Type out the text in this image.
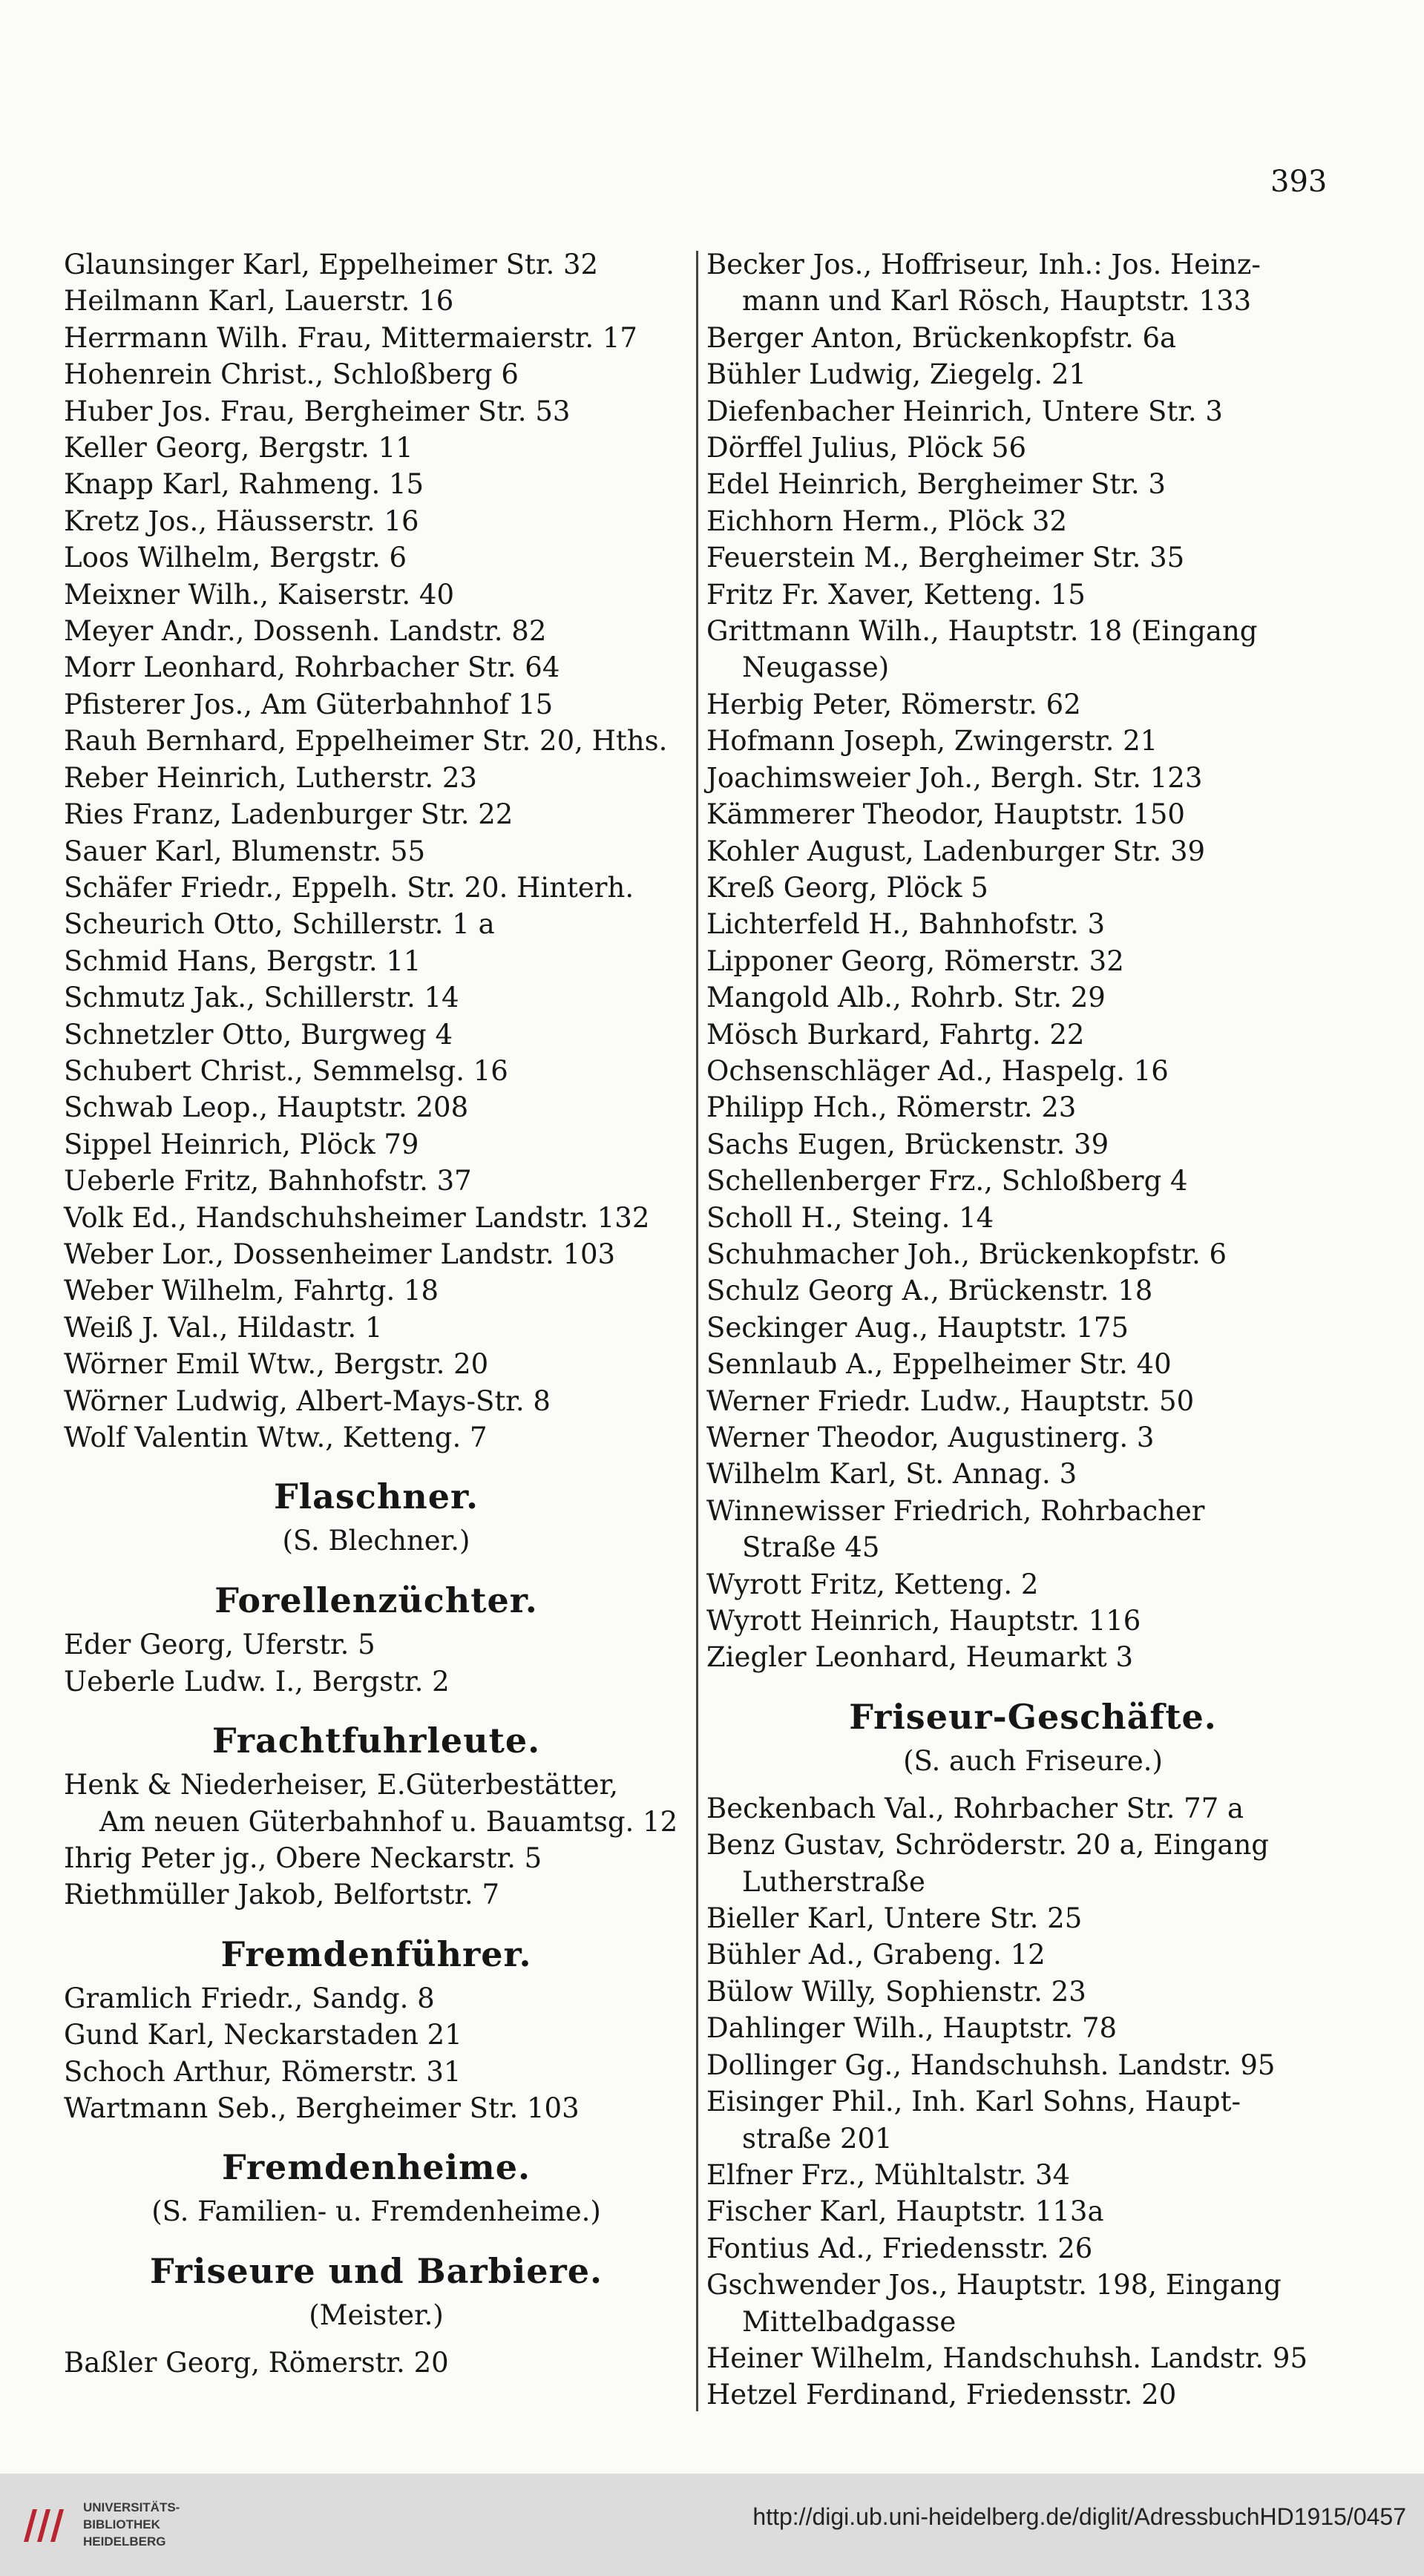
393
Glaunsinger Karl, Eppelheimer Str. 32
Heilmann Karl, Lauerstr. 16
Herrmann Wilh. Frau, Mittermaierstr. 17
Hohenrein Christ., Schloßberg 6
Huber Jos. Frau, Bergheimer Str. 53
Keller Georg, Bergstr. 11
Knapp Karl, Rahmeng. 15
Kretz Jos., Häusserstr. 16
Loos Wilhelm, Bergstr. 6
Meixner Wilh., Kaiserstr. 40
Meyer Andr., Dossenh. Landstr. 82
Morr Leonhard, Rohrbacher Str. 64
Pfisterer Jos., Am Güterbahnhof 15
Rauh Bernhard, Eppelheimer Str. 20, Hths.
Reber Heinrich, Lutherstr. 23
Ries Franz, Ladenburger Str. 22
Sauer Karl, Blumenstr. 55
Schäfer Friedr., Eppelh. Str. 20. Hinterh.
Scheurich Otto, Schillerstr. 1 a
Schmid Hans, Bergstr. 11
Schmutz Jak., Schillerstr. 14
Schnetzler Otto, Burgweg 4
Schubert Christ., Semmelsg. 16
Schwab Leop., Hauptstr. 208
Sippel Heinrich, Plöck 79
Ueberle Fritz, Bahnhofstr. 37
Volk Ed., Handschuhsheimer Landstr. 132
Weber Lor., Dossenheimer Landstr. 103
Weber Wilhelm, Fahrtg. 18
Weiß J. Val., Hildastr. 1
Wörner Emil Wtw., Bergstr. 20
Wörner Ludwig, Albert-Mays-Str. 8
Wolf Valentin Wtw., Ketteng. 7
Flaschner.
(S. Blechner.)
Forellenzüchter.
Eder Georg, Uferstr. 5
Ueberle Ludw. I., Bergstr. 2
Frachtfuhrleute.
Henk & Niederheiser, E.Güterbestätter,
Am neuen Güterbahnhof u. Bauamtsg. 12
Ihrig Peter jg., Obere Neckarstr. 5
Riethmüller Jakob, Belfortstr. 7
Fremdenführer.
Gramlich Friedr., Sandg. 8
Gund Karl, Neckarstaden 21
Schoch Arthur, Römerstr. 31
Wartmann Seb., Bergheimer Str. 103
Fremdenheime.
(S. Familien- u. Fremdenheime.)
Friseure und Barbiere.
(Meister.)
Baßler Georg, Römerstr. 20
Becker Jos., Hoffriseur, Inh.: Jos. Heinz-
mann und Karl Rösch, Hauptstr. 133
Berger Anton, Brückenkopfstr. 6a
Bühler Ludwig, Ziegelg. 21
Diefenbacher Heinrich, Untere Str. 3
Dörffel Julius, Plöck 56
Edel Heinrich, Bergheimer Str. 3
Eichhorn Herm., Plöck 32
Feuerstein M., Bergheimer Str. 35
Fritz Fr. Xaver, Ketteng. 15
Grittmann Wilh., Hauptstr. 18 (Eingang
Neugasse)
Herbig Peter, Römerstr. 62
Hofmann Joseph, Zwingerstr. 21
Joachimsweier Joh., Bergh. Str. 123
Kämmerer Theodor, Hauptstr. 150
Kohler August, Ladenburger Str. 39
Kreß Georg, Plöck 5
Lichterfeld H., Bahnhofstr. 3
Lipponer Georg, Römerstr. 32
Mangold Alb., Rohrb. Str. 29
Mösch Burkard, Fahrtg. 22
Ochsenschläger Ad., Haspelg. 16
Philipp Hch., Römerstr. 23
Sachs Eugen, Brückenstr. 39
Schellenberger Frz., Schloßberg 4
Scholl H., Steing. 14
Schuhmacher Joh., Brückenkopfstr. 6
Schulz Georg A., Brückenstr. 18
Seckinger Aug., Hauptstr. 175
Sennlaub A., Eppelheimer Str. 40
Werner Friedr. Ludw., Hauptstr. 50
Werner Theodor, Augustinerg. 3
Wilhelm Karl, St. Annag. 3
Winnewisser Friedrich, Rohrbacher
Straße 45
Wyrott Fritz, Ketteng. 2
Wyrott Heinrich, Hauptstr. 116
Ziegler Leonhard, Heumarkt 3
Friseur-Geschäfte.
(S. auch Friseure.)
Beckenbach Val., Rohrbacher Str. 77 a
Benz Gustav, Schröderstr. 20 a, Eingang
Lutherstraße
Bieller Karl, Untere Str. 25
Bühler Ad., Grabeng. 12
Bülow Willy, Sophienstr. 23
Dahlinger Wilh., Hauptstr. 78
Dollinger Gg., Handschuhsh. Landstr. 95
Eisinger Phil., Inh. Karl Sohns, Haupt-
straße 201
Elfner Frz., Mühltalstr. 34
Fischer Karl, Hauptstr. 113a
Fontius Ad., Friedensstr. 26
Gschwender Jos., Hauptstr. 198, Eingang
Mittelbadgasse
Heiner Wilhelm, Handschuhsh. Landstr. 95
Hetzel Ferdinand, Friedensstr. 20
UNIVERSITÄTS-
BIBLIOTHEK
HEIDELBERG
http://digi.ub.uni-heidelberg.de/diglit/AdressbuchHD1915/0457
